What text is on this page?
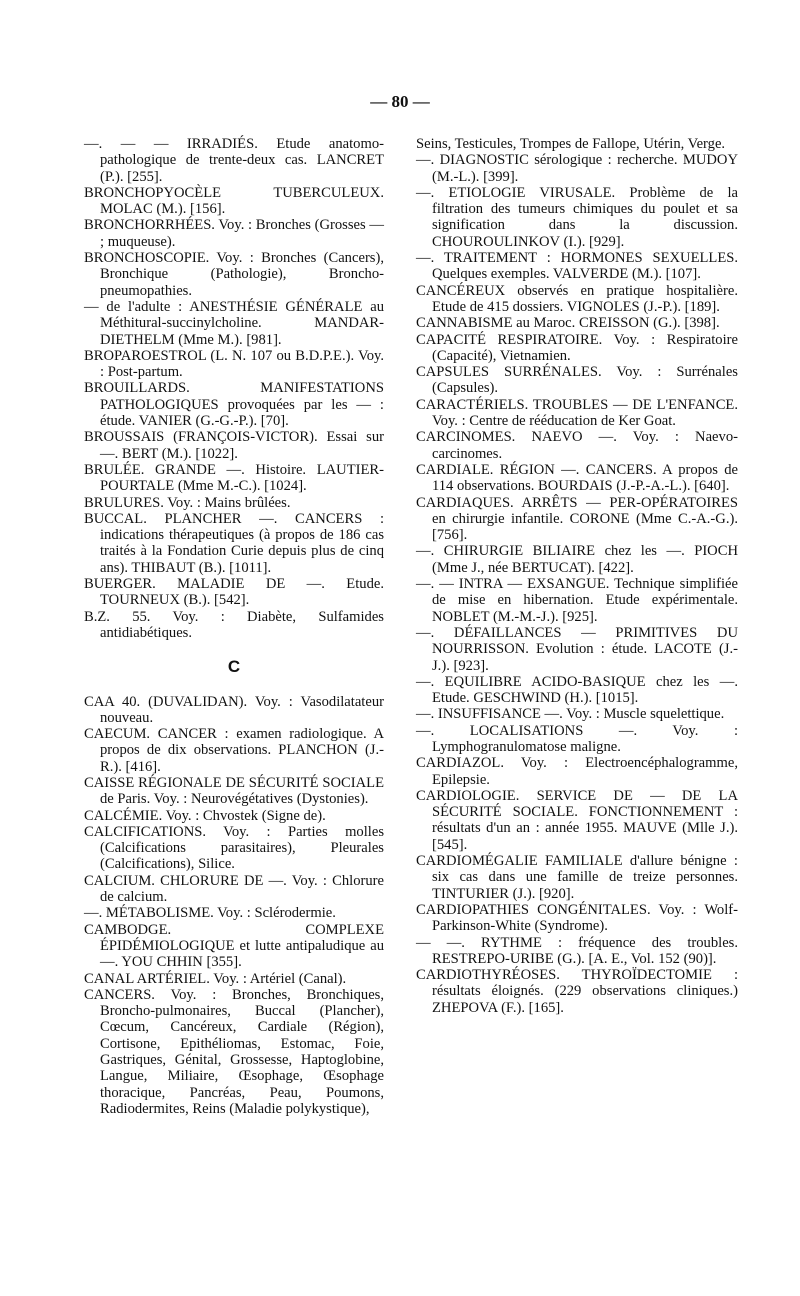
— 80 —

—. — — IRRADIÉS. Etude anatomo-pathologique de trente-deux cas. LANCRET (P.). [255].

BRONCHOPYOCÈLE TUBERCULEUX. MOLAC (M.). [156].

BRONCHORRHÉES. Voy. : Bronches (Grosses — ; muqueuse).

BRONCHOSCOPIE. Voy. : Bronches (Cancers), Bronchique (Pathologie), Broncho-pneumopathies.

— de l'adulte : ANESTHÉSIE GÉNÉRALE au Méthitural-succinylcholine. MANDAR-DIETHELM (Mme M.). [981].

BROPAROESTROL (L. N. 107 ou B.D.P.E.). Voy. : Post-partum.

BROUILLARDS. MANIFESTATIONS PATHOLOGIQUES provoquées par les — : étude. VANIER (G.-G.-P.). [70].

BROUSSAIS (FRANÇOIS-VICTOR). Essai sur —. BERT (M.). [1022].

BRULÉE. GRANDE —. Histoire. LAUTIER-POURTALE (Mme M.-C.). [1024].

BRULURES. Voy. : Mains brûlées.

BUCCAL. PLANCHER —. CANCERS : indications thérapeutiques (à propos de 186 cas traités à la Fondation Curie depuis plus de cinq ans). THIBAUT (B.). [1011].

BUERGER. MALADIE DE —. Etude. TOURNEUX (B.). [542].

B.Z. 55. Voy. : Diabète, Sulfamides antidiabétiques.

C

CAA 40. (DUVALIDAN). Voy. : Vasodilatateur nouveau.

CAECUM. CANCER : examen radiologique. A propos de dix observations. PLANCHON (J.-R.). [416].

CAISSE RÉGIONALE DE SÉCURITÉ SOCIALE de Paris. Voy. : Neurovégétatives (Dystonies).

CALCÉMIE. Voy. : Chvostek (Signe de).

CALCIFICATIONS. Voy. : Parties molles (Calcifications parasitaires), Pleurales (Calcifications), Silice.

CALCIUM. CHLORURE DE —. Voy. : Chlorure de calcium.

—. MÉTABOLISME. Voy. : Sclérodermie.

CAMBODGE. COMPLEXE ÉPIDÉMIOLOGIQUE et lutte antipaludique au —. YOU CHHIN [355].

CANAL ARTÉRIEL. Voy. : Artériel (Canal).

CANCERS. Voy. : Bronches, Bronchiques, Broncho-pulmonaires, Buccal (Plancher), Cœcum, Cancéreux, Cardiale (Région), Cortisone, Epithéliomas, Estomac, Foie, Gastriques, Génital, Grossesse, Haptoglobine, Langue, Miliaire, Œsophage, Œsophage thoracique, Pancréas, Peau, Poumons, Radiodermites, Reins (Maladie polykystique),

Seins, Testicules, Trompes de Fallope, Utérin, Verge.

—. DIAGNOSTIC sérologique : recherche. MUDOY (M.-L.). [399].

—. ETIOLOGIE VIRUSALE. Problème de la filtration des tumeurs chimiques du poulet et sa signification dans la discussion. CHOUROULINKOV (I.). [929].

—. TRAITEMENT : HORMONES SEXUELLES. Quelques exemples. VALVERDE (M.). [107].

CANCÉREUX observés en pratique hospitalière. Etude de 415 dossiers. VIGNOLES (J.-P.). [189].

CANNABISME au Maroc. CREISSON (G.). [398].

CAPACITÉ RESPIRATOIRE. Voy. : Respiratoire (Capacité), Vietnamien.

CAPSULES SURRÉNALES. Voy. : Surrénales (Capsules).

CARACTÉRIELS. TROUBLES — DE L'ENFANCE. Voy. : Centre de rééducation de Ker Goat.

CARCINOMES. NAEVO —. Voy. : Naevo-carcinomes.

CARDIALE. RÉGION —. CANCERS. A propos de 114 observations. BOURDAIS (J.-P.-A.-L.). [640].

CARDIAQUES. ARRÊTS — PER-OPÉRATOIRES en chirurgie infantile. CORONE (Mme C.-A.-G.). [756].

—. CHIRURGIE BILIAIRE chez les —. PIOCH (Mme J., née BERTUCAT). [422].

—. — INTRA — EXSANGUE. Technique simplifiée de mise en hibernation. Etude expérimentale. NOBLET (M.-M.-J.). [925].

—. DÉFAILLANCES — PRIMITIVES DU NOURRISSON. Evolution : étude. LACOTE (J.-J.). [923].

—. EQUILIBRE ACIDO-BASIQUE chez les —. Etude. GESCHWIND (H.). [1015].

—. INSUFFISANCE —. Voy. : Muscle squelettique.

—. LOCALISATIONS —. Voy. : Lymphogranulomatose maligne.

CARDIAZOL. Voy. : Electroencéphalogramme, Epilepsie.

CARDIOLOGIE. SERVICE DE — DE LA SÉCURITÉ SOCIALE. FONCTIONNEMENT : résultats d'un an : année 1955. MAUVE (Mlle J.). [545].

CARDIOMÉGALIE FAMILIALE d'allure bénigne : six cas dans une famille de treize personnes. TINTURIER (J.). [920].

CARDIOPATHIES CONGÉNITALES. Voy. : Wolf-Parkinson-White (Syndrome).

— —. RYTHME : fréquence des troubles. RESTREPO-URIBE (G.). [A. E., Vol. 152 (90)].

CARDIOTHYRÉOSES. THYROÏDECTOMIE : résultats éloignés. (229 observations cliniques.) ZHEPOVA (F.). [165].
